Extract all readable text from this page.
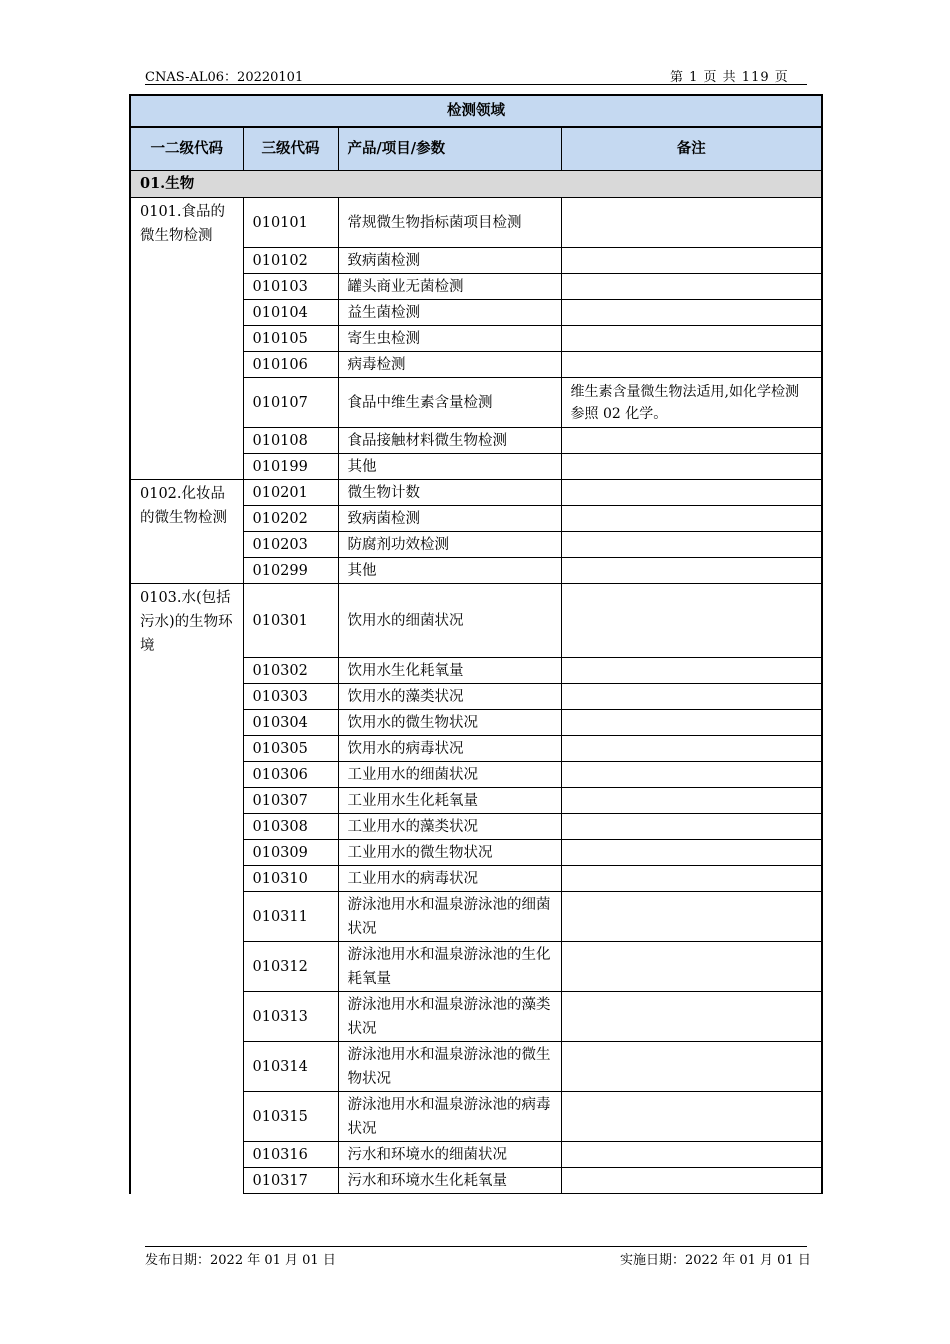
CNAS-AL06：20220101	第 1 页 共 119 页
检测领域			
一二级代码	三级代码	产品/项目/参数	备注
01.生物			
0101.食品的微生物检测	010101	常规微生物指标菌项目检测	
	010102	致病菌检测	
	010103	罐头商业无菌检测	
	010104	益生菌检测	
	010105	寄生虫检测	
	010106	病毒检测	
	010107	食品中维生素含量检测	维生素含量微生物法适用,如化学检测参照 02 化学。
	010108	食品接触材料微生物检测	
	010199	其他	
0102.化妆品的微生物检测	010201	微生物计数	
	010202	致病菌检测	
	010203	防腐剂功效检测	
	010299	其他	
0103.水(包括污水)的生物环境	010301	饮用水的细菌状况	
	010302	饮用水生化耗氧量	
	010303	饮用水的藻类状况	
	010304	饮用水的微生物状况	
	010305	饮用水的病毒状况	
	010306	工业用水的细菌状况	
	010307	工业用水生化耗氧量	
	010308	工业用水的藻类状况	
	010309	工业用水的微生物状况	
	010310	工业用水的病毒状况	
	010311	游泳池用水和温泉游泳池的细菌状况	
	010312	游泳池用水和温泉游泳池的生化耗氧量	
	010313	游泳池用水和温泉游泳池的藻类状况	
	010314	游泳池用水和温泉游泳池的微生物状况	
	010315	游泳池用水和温泉游泳池的病毒状况	
	010316	污水和环境水的细菌状况	
	010317	污水和环境水生化耗氧量	
发布日期：2022 年 01 月 01 日	实施日期：2022 年 01 月 01 日
